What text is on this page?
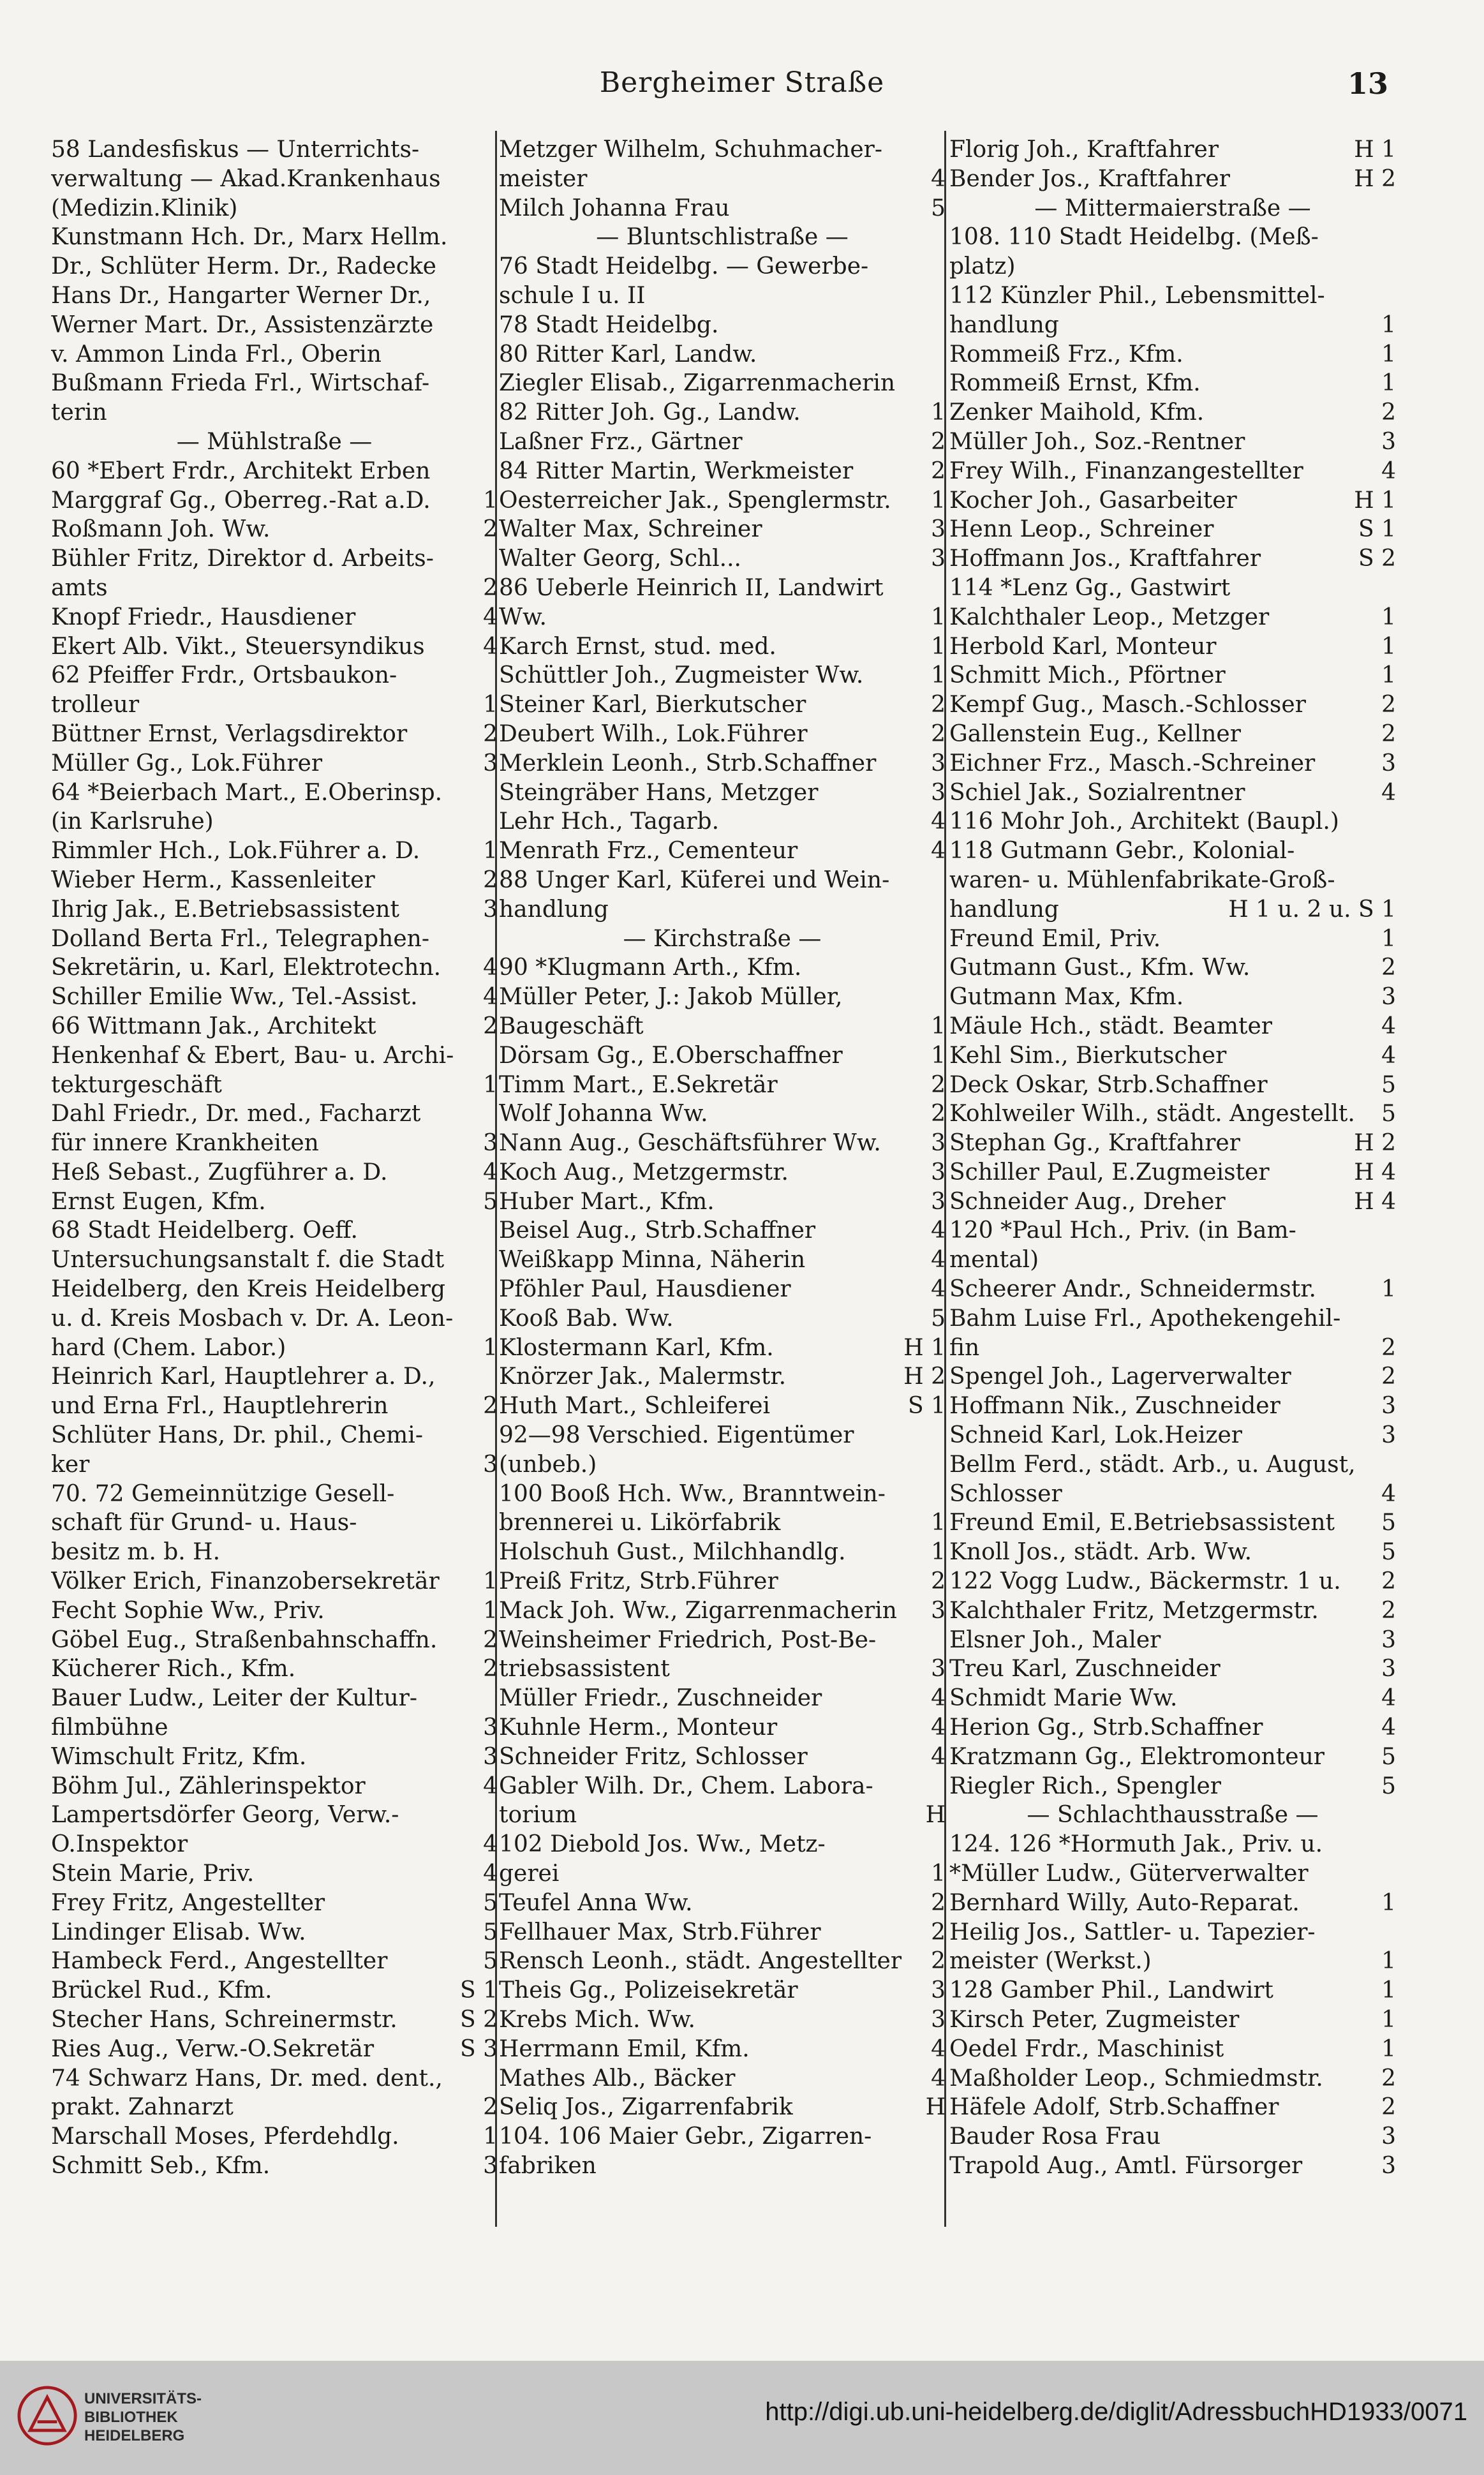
Bergheimer Straße	13
58 Landesfiskus — Unterrichts-
verwaltung — Akad.Krankenhaus
(Medizin.Klinik)
Kunstmann Hch. Dr., Marx Hellm.
Dr., Schlüter Herm. Dr., Radecke
Hans Dr., Hangarter Werner Dr.,
Werner Mart. Dr., Assistenzärzte
v. Ammon Linda Frl., Oberin
Bußmann Frieda Frl., Wirtschaf-
terin
— Mühlstraße —
60 *Ebert Frdr., Architekt Erben
Marggraf Gg., Oberreg.-Rat a.D.	1
Roßmann Joh. Ww.	2
Bühler Fritz, Direktor d. Arbeits-
amts	2
Knopf Friedr., Hausdiener	4
Ekert Alb. Vikt., Steuersyndikus	4
62 Pfeiffer Frdr., Ortsbaukon-
trolleur	1
Büttner Ernst, Verlagsdirektor	2
Müller Gg., Lok.Führer	3
64 *Beierbach Mart., E.Oberinsp.
(in Karlsruhe)
Rimmler Hch., Lok.Führer a. D.	1
Wieber Herm., Kassenleiter	2
Ihrig Jak., E.Betriebsassistent	3
Dolland Berta Frl., Telegraphen-
Sekretärin, u. Karl, Elektrotechn.	4
Schiller Emilie Ww., Tel.-Assist.	4
66 Wittmann Jak., Architekt	2
Henkenhaf & Ebert, Bau- u. Archi-
tekturgeschäft	1
Dahl Friedr., Dr. med., Facharzt
für innere Krankheiten	3
Heß Sebast., Zugführer a. D.	4
Ernst Eugen, Kfm.	5
68 Stadt Heidelberg. Oeff.
Untersuchungsanstalt f. die Stadt
Heidelberg, den Kreis Heidelberg
u. d. Kreis Mosbach v. Dr. A. Leon-
hard (Chem. Labor.)	1
Heinrich Karl, Hauptlehrer a. D.,
und Erna Frl., Hauptlehrerin	2
Schlüter Hans, Dr. phil., Chemi-
ker	3
70. 72 Gemeinnützige Gesell-
schaft für Grund- u. Haus-
besitz m. b. H.
Völker Erich, Finanzobersekretär	1
Fecht Sophie Ww., Priv.	1
Göbel Eug., Straßenbahnschaffn.	2
Kücherer Rich., Kfm.	2
Bauer Ludw., Leiter der Kultur-
filmbühne	3
Wimschult Fritz, Kfm.	3
Böhm Jul., Zählerinspektor	4
Lampertsdörfer Georg, Verw.-
O.Inspektor	4
Stein Marie, Priv.	4
Frey Fritz, Angestellter	5
Lindinger Elisab. Ww.	5
Hambeck Ferd., Angestellter	5
Brückel Rud., Kfm.	S 1
Stecher Hans, Schreinermstr.	S 2
Ries Aug., Verw.-O.Sekretär	S 3
74 Schwarz Hans, Dr. med. dent.,
prakt. Zahnarzt	2
Marschall Moses, Pferdehdlg.	1
Schmitt Seb., Kfm.	3
Metzger Wilhelm, Schuhmacher-
meister	4
Milch Johanna Frau	5
— Bluntschlistraße —
76 Stadt Heidelbg. — Gewerbe-
schule I u. II
78 Stadt Heidelbg.
80 Ritter Karl, Landw.
Ziegler Elisab., Zigarrenmacherin
82 Ritter Joh. Gg., Landw.	1
Laßner Frz., Gärtner	2
84 Ritter Martin, Werkmeister	2
Oesterreicher Jak., Spenglermstr.	1
Walter Max, Schreiner	3
Walter Georg, Schl...	3
86 Ueberle Heinrich II, Landwirt
Ww.	1
Karch Ernst, stud. med.	1
Schüttler Joh., Zugmeister Ww.	1
Steiner Karl, Bierkutscher	2
Deubert Wilh., Lok.Führer	2
Merklein Leonh., Strb.Schaffner	3
Steingräber Hans, Metzger	3
Lehr Hch., Tagarb.	4
Menrath Frz., Cementeur	4
88 Unger Karl, Küferei und Wein-
handlung
— Kirchstraße —
90 *Klugmann Arth., Kfm.
Müller Peter, J.: Jakob Müller,
Baugeschäft	1
Dörsam Gg., E.Oberschaffner	1
Timm Mart., E.Sekretär	2
Wolf Johanna Ww.	2
Nann Aug., Geschäftsführer Ww.	3
Koch Aug., Metzgermstr.	3
Huber Mart., Kfm.	3
Beisel Aug., Strb.Schaffner	4
Weißkapp Minna, Näherin	4
Pföhler Paul, Hausdiener	4
Kooß Bab. Ww.	5
Klostermann Karl, Kfm.	H 1
Knörzer Jak., Malermstr.	H 2
Huth Mart., Schleiferei	S 1
92—98 Verschied. Eigentümer
(unbeb.)
100 Booß Hch. Ww., Branntwein-
brennerei u. Likörfabrik	1
Holschuh Gust., Milchhandlg.	1
Preiß Fritz, Strb.Führer	2
Mack Joh. Ww., Zigarrenmacherin	3
Weinsheimer Friedrich, Post-Be-
triebsassistent	3
Müller Friedr., Zuschneider	4
Kuhnle Herm., Monteur	4
Schneider Fritz, Schlosser	4
Gabler Wilh. Dr., Chem. Labora-
torium	H
102 Diebold Jos. Ww., Metz-
gerei	1
Teufel Anna Ww.	2
Fellhauer Max, Strb.Führer	2
Rensch Leonh., städt. Angestellter	2
Theis Gg., Polizeisekretär	3
Krebs Mich. Ww.	3
Herrmann Emil, Kfm.	4
Mathes Alb., Bäcker	4
Seliq Jos., Zigarrenfabrik	H
104. 106 Maier Gebr., Zigarren-
fabriken
Florig Joh., Kraftfahrer	H 1
Bender Jos., Kraftfahrer	H 2
— Mittermaierstraße —
108. 110 Stadt Heidelbg. (Meß-
platz)
112 Künzler Phil., Lebensmittel-
handlung	1
Rommeiß Frz., Kfm.	1
Rommeiß Ernst, Kfm.	1
Zenker Maihold, Kfm.	2
Müller Joh., Soz.-Rentner	3
Frey Wilh., Finanzangestellter	4
Kocher Joh., Gasarbeiter	H 1
Henn Leop., Schreiner	S 1
Hoffmann Jos., Kraftfahrer	S 2
114 *Lenz Gg., Gastwirt
Kalchthaler Leop., Metzger	1
Herbold Karl, Monteur	1
Schmitt Mich., Pförtner	1
Kempf Gug., Masch.-Schlosser	2
Gallenstein Eug., Kellner	2
Eichner Frz., Masch.-Schreiner	3
Schiel Jak., Sozialrentner	4
116 Mohr Joh., Architekt (Baupl.)
118 Gutmann Gebr., Kolonial-
waren- u. Mühlenfabrikate-Groß-
handlung	H 1 u. 2 u. S 1
Freund Emil, Priv.	1
Gutmann Gust., Kfm. Ww.	2
Gutmann Max, Kfm.	3
Mäule Hch., städt. Beamter	4
Kehl Sim., Bierkutscher	4
Deck Oskar, Strb.Schaffner	5
Kohlweiler Wilh., städt. Angestellt.	5
Stephan Gg., Kraftfahrer	H 2
Schiller Paul, E.Zugmeister	H 4
Schneider Aug., Dreher	H 4
120 *Paul Hch., Priv. (in Bam-
mental)
Scheerer Andr., Schneidermstr.	1
Bahm Luise Frl., Apothekengehil-
fin	2
Spengel Joh., Lagerverwalter	2
Hoffmann Nik., Zuschneider	3
Schneid Karl, Lok.Heizer	3
Bellm Ferd., städt. Arb., u. August,
Schlosser	4
Freund Emil, E.Betriebsassistent	5
Knoll Jos., städt. Arb. Ww.	5
122 Vogg Ludw., Bäckermstr. 1 u.	2
Kalchthaler Fritz, Metzgermstr.	2
Elsner Joh., Maler	3
Treu Karl, Zuschneider	3
Schmidt Marie Ww.	4
Herion Gg., Strb.Schaffner	4
Kratzmann Gg., Elektromonteur	5
Riegler Rich., Spengler	5
— Schlachthausstraße —
124. 126 *Hormuth Jak., Priv. u.
*Müller Ludw., Güterverwalter
Bernhard Willy, Auto-Reparat.	1
Heilig Jos., Sattler- u. Tapezier-
meister (Werkst.)	1
128 Gamber Phil., Landwirt	1
Kirsch Peter, Zugmeister	1
Oedel Frdr., Maschinist	1
Maßholder Leop., Schmiedmstr.	2
Häfele Adolf, Strb.Schaffner	2
Bauder Rosa Frau	3
Trapold Aug., Amtl. Fürsorger	3
UNIVERSITÄTS-
BIBLIOTHEK
HEIDELBERG
http://digi.ub.uni-heidelberg.de/diglit/AdressbuchHD1933/0071
